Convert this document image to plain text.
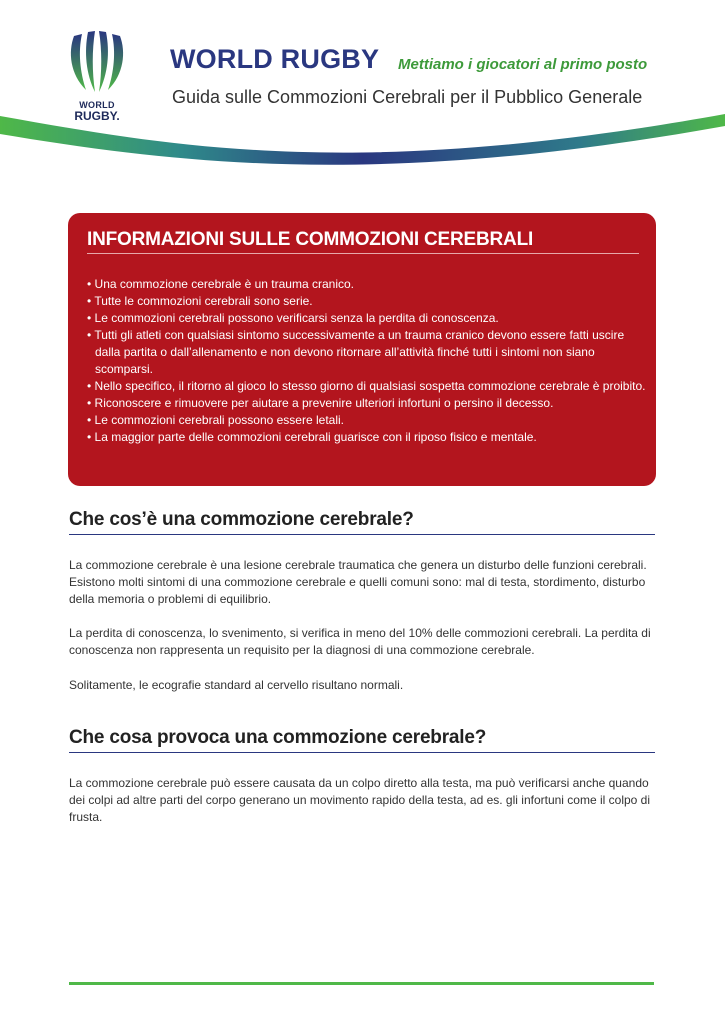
WORLD
RUGBY.
WORLD RUGBY Mettiamo i giocatori al primo posto
Guida sulle Commozioni Cerebrali per il Pubblico Generale
INFORMAZIONI SULLE COMMOZIONI CEREBRALI
• Una commozione cerebrale è un trauma cranico.
• Tutte le commozioni cerebrali sono serie.
• Le commozioni cerebrali possono verificarsi senza la perdita di conoscenza.
• Tutti gli atleti con qualsiasi sintomo successivamente a un trauma cranico devono essere fatti uscire dalla partita o dall’allenamento e non devono ritornare all’attività finché tutti i sintomi non siano scomparsi.
• Nello specifico, il ritorno al gioco lo stesso giorno di qualsiasi sospetta commozione cerebrale è proibito.
• Riconoscere e rimuovere per aiutare a prevenire ulteriori infortuni o persino il decesso.
• Le commozioni cerebrali possono essere letali.
• La maggior parte delle commozioni cerebrali guarisce con il riposo fisico e mentale.
Che cos’è una commozione cerebrale?

La commozione cerebrale è una lesione cerebrale traumatica che genera un disturbo delle funzioni cerebrali. Esistono molti sintomi di una commozione cerebrale e quelli comuni sono: mal di testa, stordimento, disturbo della memoria o problemi di equilibrio.

La perdita di conoscenza, lo svenimento, si verifica in meno del 10% delle commozioni cerebrali. La perdita di conoscenza non rappresenta un requisito per la diagnosi di una commozione cerebrale.

Solitamente, le ecografie standard al cervello risultano normali.

Che cosa provoca una commozione cerebrale?

La commozione cerebrale può essere causata da un colpo diretto alla testa, ma può verificarsi anche quando dei colpi ad altre parti del corpo generano un movimento rapido della testa, ad es. gli infortuni come il colpo di frusta.
